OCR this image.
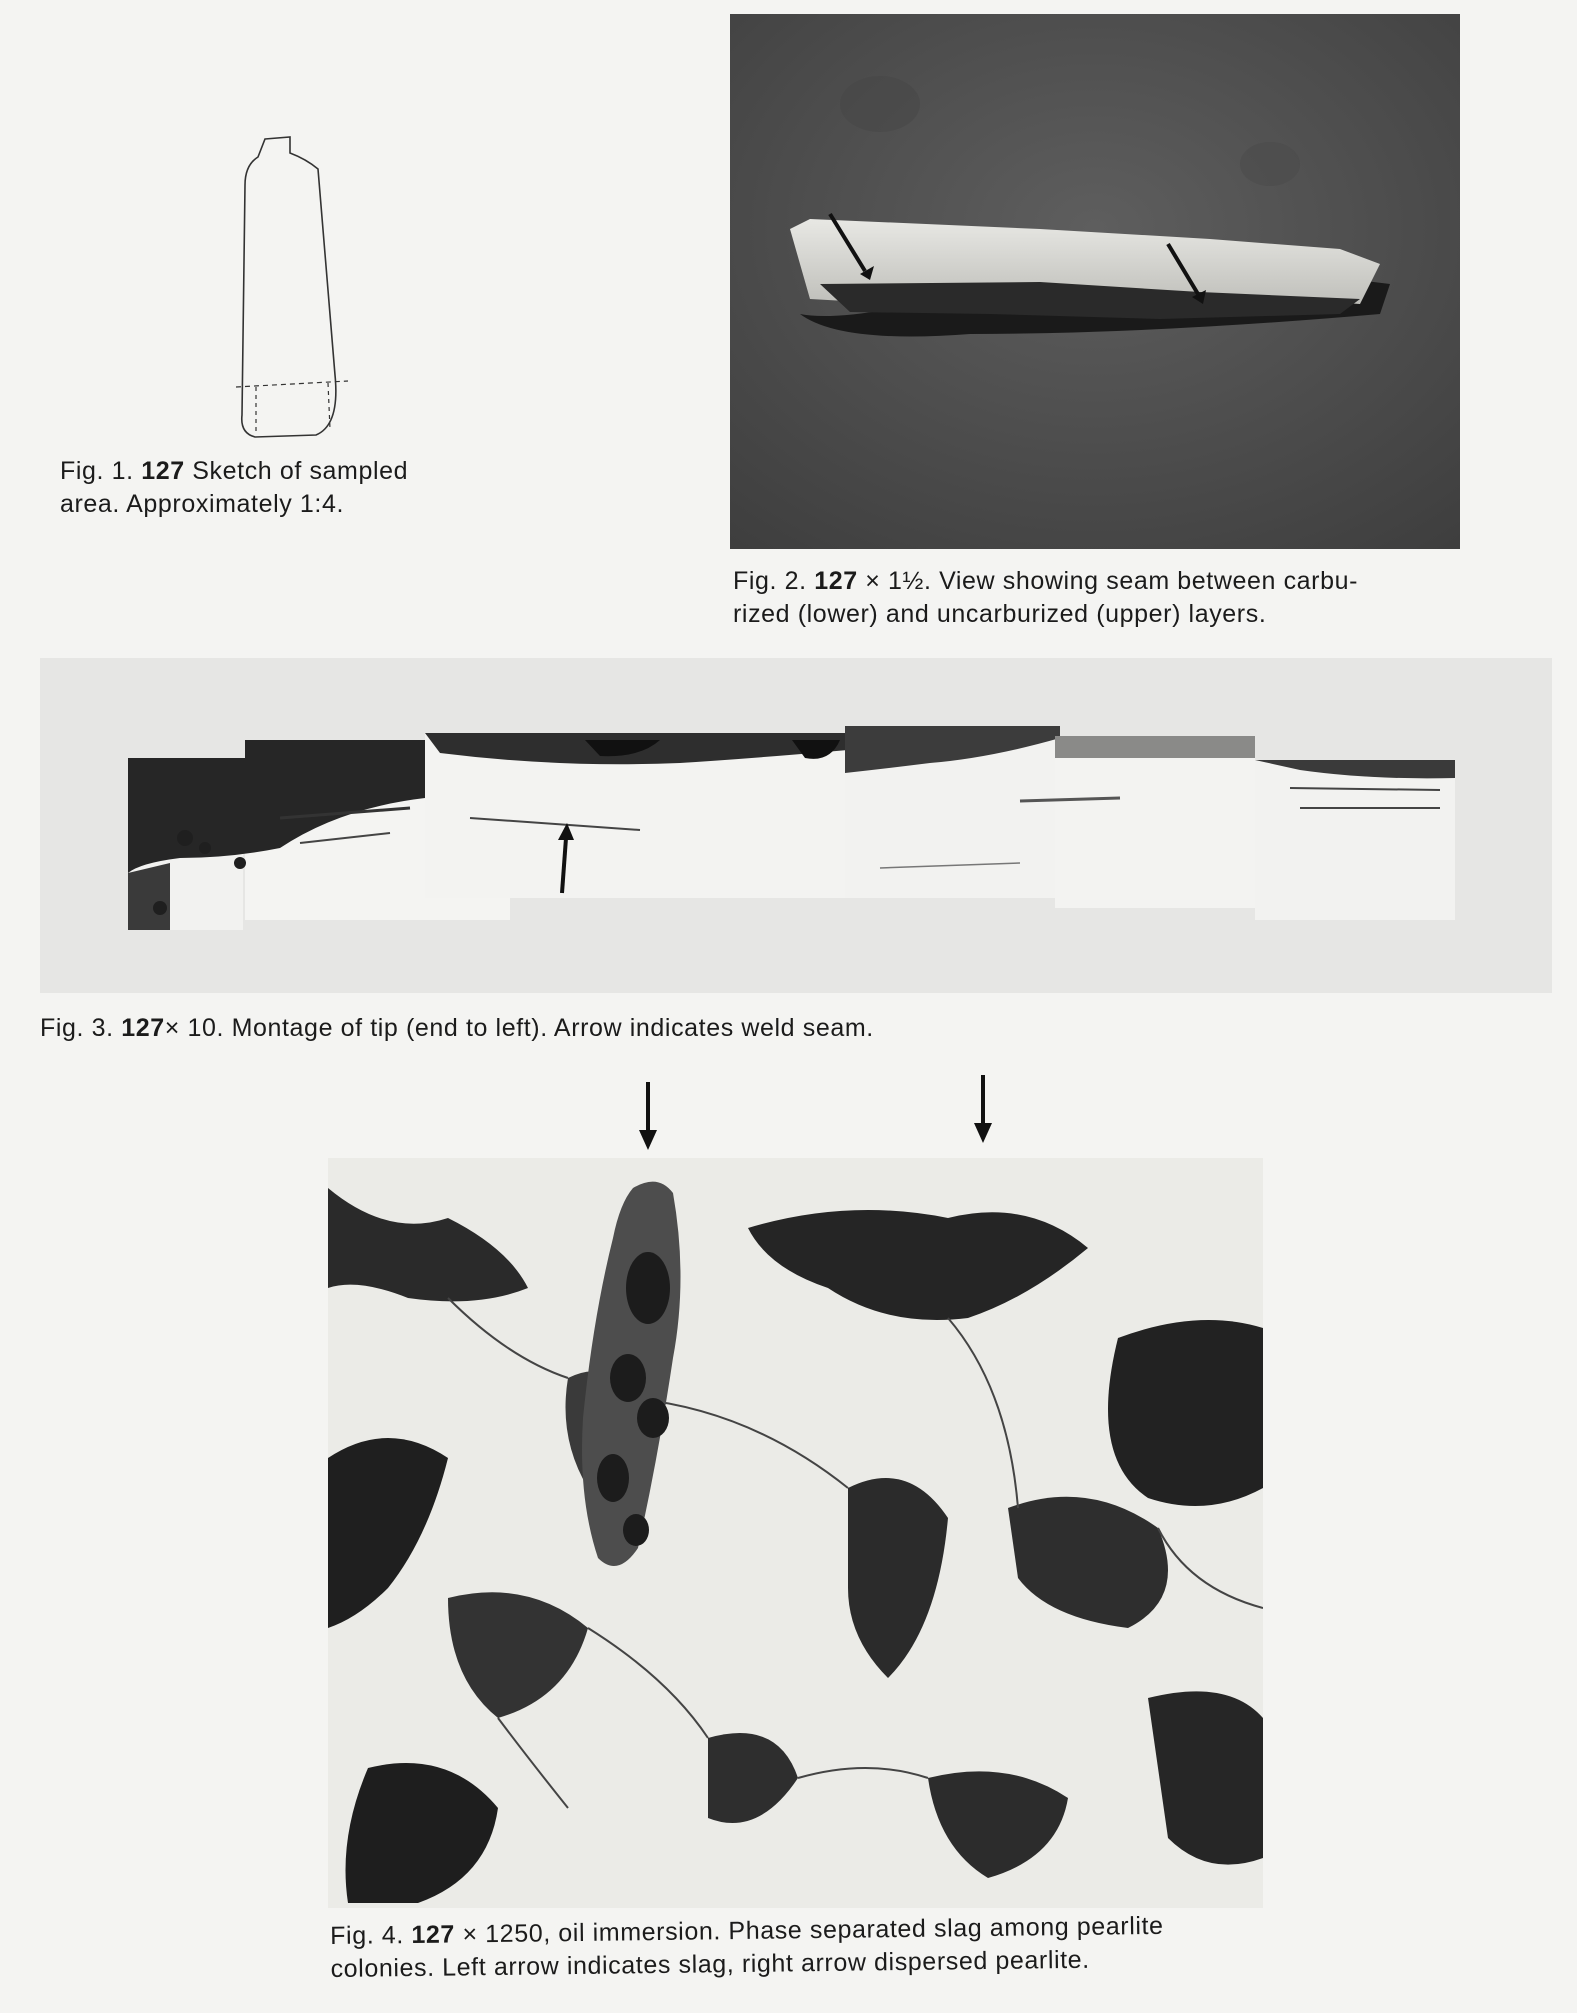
Fig. 1. 127 Sketch of sampled
area. Approximately 1:4.
Fig. 2. 127 × 1½. View showing seam between carbu-
rized (lower) and uncarburized (upper) layers.
Fig. 3. 127× 10. Montage of tip (end to left). Arrow indicates weld seam.
Fig. 4. 127 × 1250, oil immersion. Phase separated slag among pearlite
colonies. Left arrow indicates slag, right arrow dispersed pearlite.
